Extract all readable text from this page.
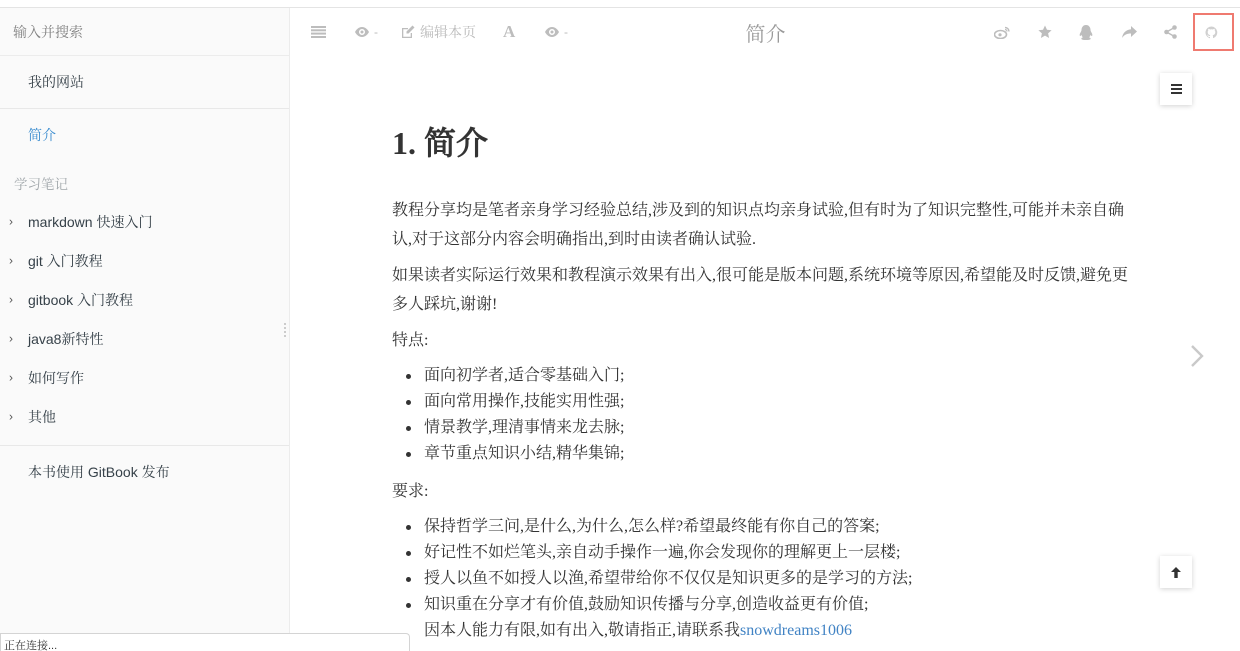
输入并搜索
我的网站
简介
学习笔记
› markdown 快速入门
› git 入门教程
› gitbook 入门教程
› java8新特性
› 如何写作
› 其他
本书使用 GitBook 发布
简介
-	编辑本页 A	-
1. 简介

教程分享均是笔者亲身学习经验总结,涉及到的知识点均亲身试验,但有时为了知识完整性,可能并未亲自确认,对于这部分内容会明确指出,到时由读者确认试验.

如果读者实际运行效果和教程演示效果有出入,很可能是版本问题,系统环境等原因,希望能及时反馈,避免更多人踩坑,谢谢!

特点:

面向初学者,适合零基础入门;
面向常用操作,技能实用性强;
情景教学,理清事情来龙去脉;
章节重点知识小结,精华集锦;

要求:

保持哲学三问,是什么,为什么,怎么样?希望最终能有你自己的答案;
好记性不如烂笔头,亲自动手操作一遍,你会发现你的理解更上一层楼;
授人以鱼不如授人以渔,希望带给你不仅仅是知识更多的是学习的方法;
知识重在分享才有价值,鼓励知识传播与分享,创造收益更有价值;
因本人能力有限,如有出入,敬请指正,请联系我snowdreams1006
正在连接...
